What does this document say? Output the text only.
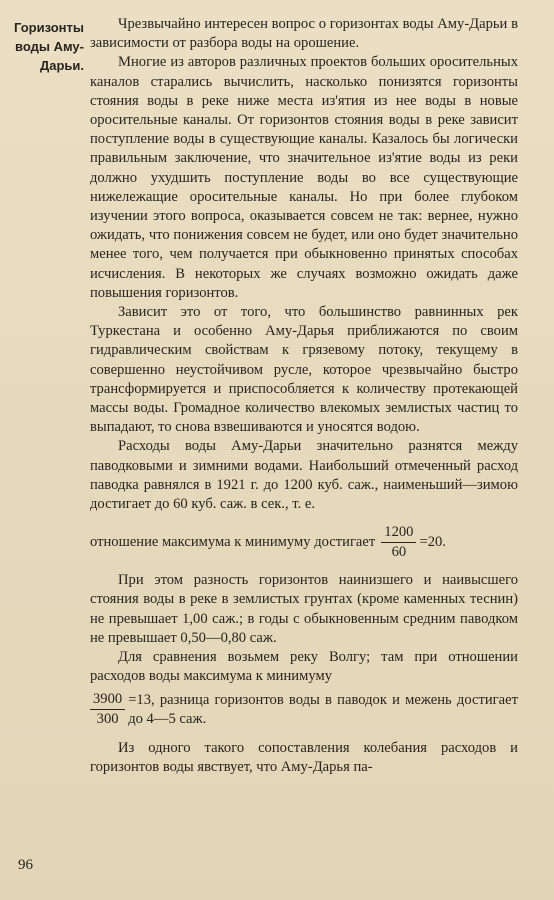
Горизонты
воды Аму-
Дарьи.

Чрезвычайно интересен вопрос о горизонтах воды Аму-Дарьи в зависимости от разбора воды на орошение.

Многие из авторов различных проектов больших оросительных каналов старались вычислить, насколько понизятся горизонты стояния воды в реке ниже места из'ятия из нее воды в новые оросительные каналы. От горизонтов стояния воды в реке зависит поступление воды в существующие каналы. Казалось бы логически правильным заключение, что значительное из'ятие воды из реки должно ухудшить поступление воды во все существующие нижележащие оросительные каналы. Но при более глубоком изучении этого вопроса, оказывается совсем не так: вернее, нужно ожидать, что понижения совсем не будет, или оно будет значительно менее того, чем получается при обыкновенно принятых способах исчисления. В некоторых же случаях возможно ожидать даже повышения горизонтов.

Зависит это от того, что большинство равнинных рек Туркестана и особенно Аму-Дарья приближаются по своим гидравлическим свойствам к грязевому потоку, текущему в совершенно неустойчивом русле, которое чрезвычайно быстро трансформируется и приспособляется к количеству протекающей массы воды. Громадное количество влекомых землистых частиц то выпадают, то снова взвешиваются и уносятся водою.

Расходы воды Аму-Дарьи значительно разнятся между паводковыми и зимними водами. Наибольший отмеченный расход паводка равнялся в 1921 г. до 1200 куб. саж., наименьший—зимою достигает до 60 куб. саж. в сек., т. е.

отношение максимума к минимуму достигает $\frac{1200}{60} =20$.

При этом разность горизонтов наинизшего и наивысшего стояния воды в реке в землистых грунтах (кроме каменных теснин) не превышает 1,00 саж.; в годы с обыкновенным средним паводком не превышает 0,50—0,80 саж.

Для сравнения возьмем реку Волгу; там при отношении расходов воды максимума к минимуму

$\frac{3900}{300} =13$, разница горизонтов воды в паводок и межень достигает до 4—5 саж.

Из одного такого сопоставления колебания расходов и горизонтов воды явствует, что Аму-Дарья па-

96
